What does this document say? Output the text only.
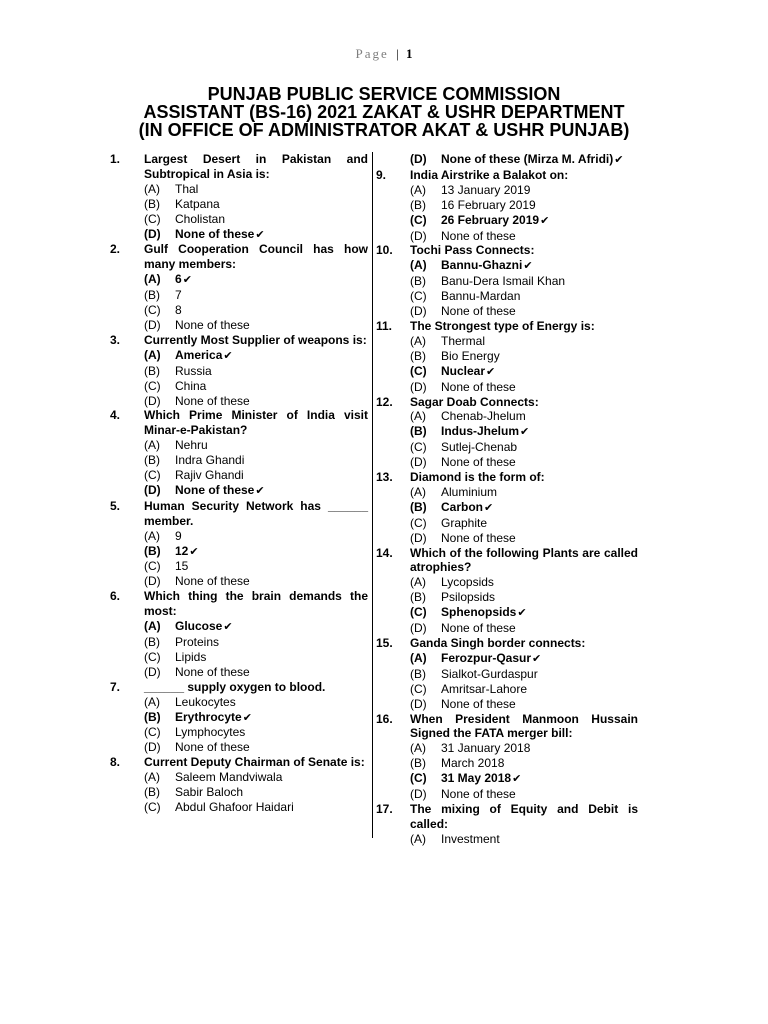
Page | 1
PUNJAB PUBLIC SERVICE COMMISSION
ASSISTANT (BS-16) 2021 ZAKAT & USHR DEPARTMENT
(IN OFFICE OF ADMINISTRATOR AKAT & USHR PUNJAB)
1.	Largest Desert in Pakistan and Subtropical in Asia is:
(A)	Thal
(B)	Katpana
(C)	Cholistan
(D)	None of these✔
2.	Gulf Cooperation Council has how many members:
(A)	6✔
(B)	7
(C)	8
(D)	None of these
3.	Currently Most Supplier of weapons is:
(A)	America✔
(B)	Russia
(C)	China
(D)	None of these
4.	Which Prime Minister of India visit Minar-e-Pakistan?
(A)	Nehru
(B)	Indra Ghandi
(C)	Rajiv Ghandi
(D)	None of these✔
5.	Human Security Network has ______ member.
(A)	9
(B)	12✔
(C)	15
(D)	None of these
6.	Which thing the brain demands the most:
(A)	Glucose✔
(B)	Proteins
(C)	Lipids
(D)	None of these
7.	______ supply oxygen to blood.
(A)	Leukocytes
(B)	Erythrocyte✔
(C)	Lymphocytes
(D)	None of these
8.	Current Deputy Chairman of Senate is:
(A)	Saleem Mandviwala
(B)	Sabir Baloch
(C)	Abdul Ghafoor Haidari
(D)	None of these (Mirza M. Afridi)✔
9.	India Airstrike a Balakot on:
(A)	13 January 2019
(B)	16 February 2019
(C)	26 February 2019✔
(D)	None of these
10.	Tochi Pass Connects:
(A)	Bannu-Ghazni✔
(B)	Banu-Dera Ismail Khan
(C)	Bannu-Mardan
(D)	None of these
11.	The Strongest type of Energy is:
(A)	Thermal
(B)	Bio Energy
(C)	Nuclear✔
(D)	None of these
12.	Sagar Doab Connects:
(A)	Chenab-Jhelum
(B)	Indus-Jhelum✔
(C)	Sutlej-Chenab
(D)	None of these
13.	Diamond is the form of:
(A)	Aluminium
(B)	Carbon✔
(C)	Graphite
(D)	None of these
14.	Which of the following Plants are called atrophies?
(A)	Lycopsids
(B)	Psilopsids
(C)	Sphenopsids✔
(D)	None of these
15.	Ganda Singh border connects:
(A)	Ferozpur-Qasur✔
(B)	Sialkot-Gurdaspur
(C)	Amritsar-Lahore
(D)	None of these
16.	When President Manmoon Hussain Signed the FATA merger bill:
(A)	31 January 2018
(B)	March 2018
(C)	31 May 2018✔
(D)	None of these
17.	The mixing of Equity and Debit is called:
(A)	Investment
